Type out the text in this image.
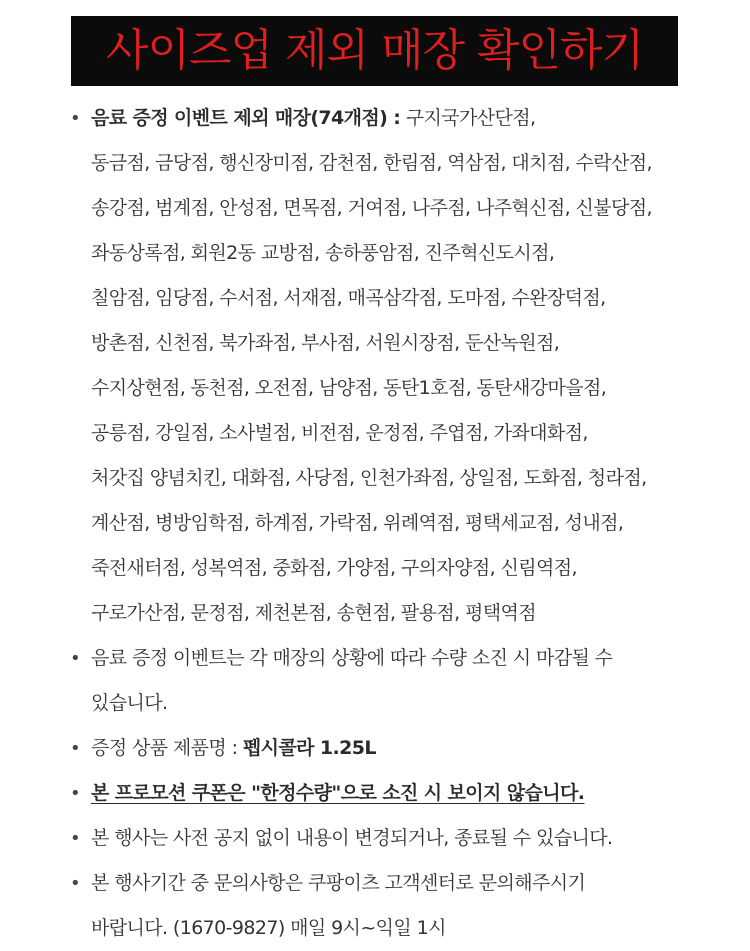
사이즈업 제외 매장 확인하기
• 음료 증정 이벤트 제외 매장(74개점) : 구지국가산단점,
동금점, 금당점, 행신장미점, 감천점, 한림점, 역삼점, 대치점, 수락산점,
송강점, 범계점, 안성점, 면목점, 거여점, 나주점, 나주혁신점, 신불당점,
좌동상록점, 회원2동 교방점, 송하풍암점, 진주혁신도시점,
칠암점, 임당점, 수서점, 서재점, 매곡삼각점, 도마점, 수완장덕점,
방촌점, 신천점, 북가좌점, 부사점, 서원시장점, 둔산녹원점,
수지상현점, 동천점, 오전점, 남양점, 동탄1호점, 동탄새강마을점,
공릉점, 강일점, 소사벌점, 비전점, 운정점, 주엽점, 가좌대화점,
처갓집 양념치킨, 대화점, 사당점, 인천가좌점, 상일점, 도화점, 청라점,
계산점, 병방임학점, 하계점, 가락점, 위례역점, 평택세교점, 성내점,
죽전새터점, 성복역점, 중화점, 가양점, 구의자양점, 신림역점,
구로가산점, 문정점, 제천본점, 송현점, 팔용점, 평택역점
• 음료 증정 이벤트는 각 매장의 상황에 따라 수량 소진 시 마감될 수
있습니다.
• 증정 상품 제품명 : 펩시콜라 1.25L
• 본 프로모션 쿠폰은 "한정수량"으로 소진 시 보이지 않습니다.
• 본 행사는 사전 공지 없이 내용이 변경되거나, 종료될 수 있습니다.
• 본 행사기간 중 문의사항은 쿠팡이츠 고객센터로 문의해주시기
바랍니다. (1670-9827) 매일 9시~익일 1시
